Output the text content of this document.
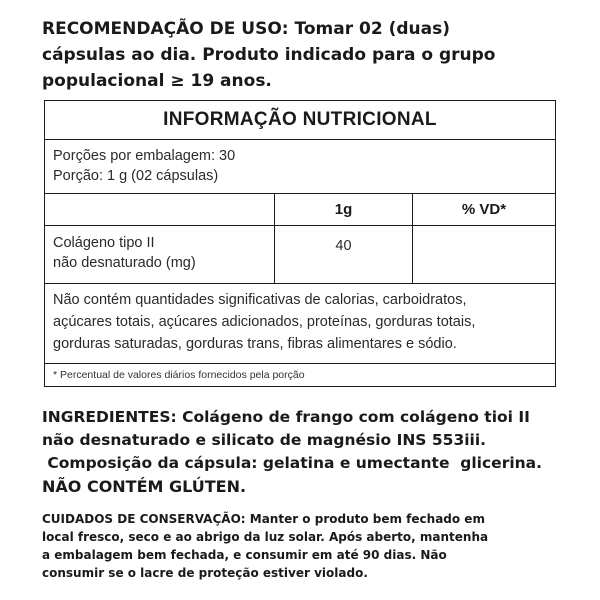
RECOMENDAÇÃO DE USO: Tomar 02 (duas)
cápsulas ao dia. Produto indicado para o grupo
populacional ≥ 19 anos.
INFORMAÇÃO NUTRICIONAL
Porções por embalagem: 30
Porção: 1 g (02 cápsulas)
1g	% VD*
Colágeno tipo II
não desnaturado (mg)
40
Não contém quantidades significativas de calorias, carboidratos,
açúcares totais, açúcares adicionados, proteínas, gorduras totais,
gorduras saturadas, gorduras trans, fibras alimentares e sódio.
* Percentual de valores diários fornecidos pela porção
INGREDIENTES: Colágeno de frango com colágeno tioi II
não desnaturado e silicato de magnésio INS 553iii.
Composição da cápsula: gelatina e umectante  glicerina.
NÃO CONTÉM GLÚTEN.
CUIDADOS DE CONSERVAÇÃO: Manter o produto bem fechado em
local fresco, seco e ao abrigo da luz solar. Após aberto, mantenha
a embalagem bem fechada, e consumir em até 90 dias. Não
consumir se o lacre de proteção estiver violado.
